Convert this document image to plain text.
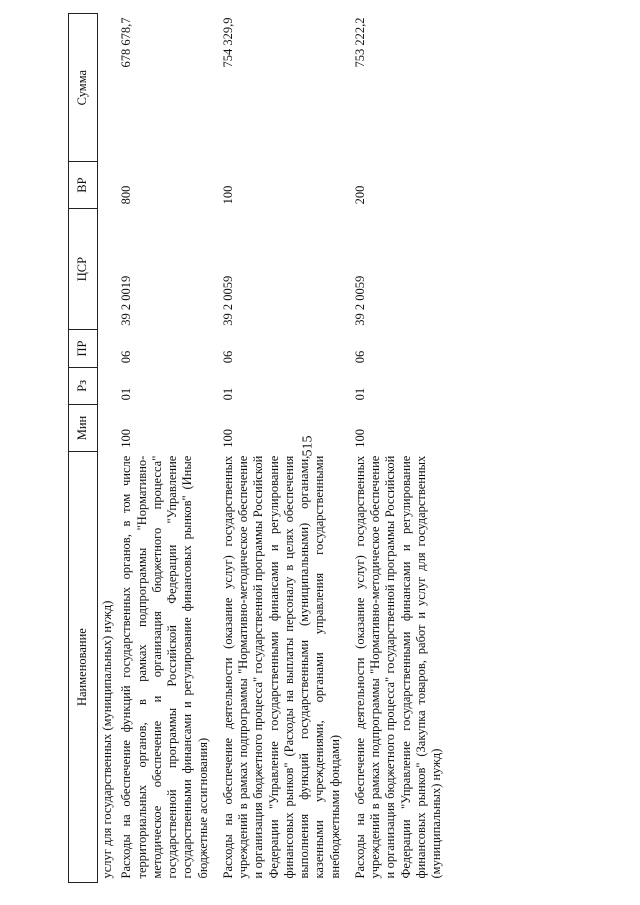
515
Наименование	Мин	Рз	ПР	ЦСР	ВР	Сумма
услуг для государственных (муниципальных) нужд)						
Расходы на обеспечение функций государственных органов, в том числе территориальных органов, в рамках подпрограммы "Нормативно-методическое обеспечение и организация бюджетного процесса" государственной программы Российской Федерации "Управление государственными финансами и регулирование финансовых рынков" (Иные бюджетные ассигнования)	100	01	06	39 2 0019	800	678 678,7

Расходы на обеспечение деятельности (оказание услуг) государственных учреждений в рамках подпрограммы "Нормативно-методическое обеспечение и организация бюджетного процесса" государственной программы Российской Федерации "Управление государственными финансами и регулирование финансовых рынков" (Расходы на выплаты персоналу в целях обеспечения выполнения функций государственными (муниципальными) органами, казенными учреждениями, органами управления государственными внебюджетными фондами)	100	01	06	39 2 0059	100	754 329,9

Расходы на обеспечение деятельности (оказание услуг) государственных учреждений в рамках подпрограммы "Нормативно-методическое обеспечение и организация бюджетного процесса" государственной программы Российской Федерации "Управление государственными финансами и регулирование финансовых рынков" (Закупка товаров, работ и услуг для государственных (муниципальных) нужд)	100	01	06	39 2 0059	200	753 222,2
